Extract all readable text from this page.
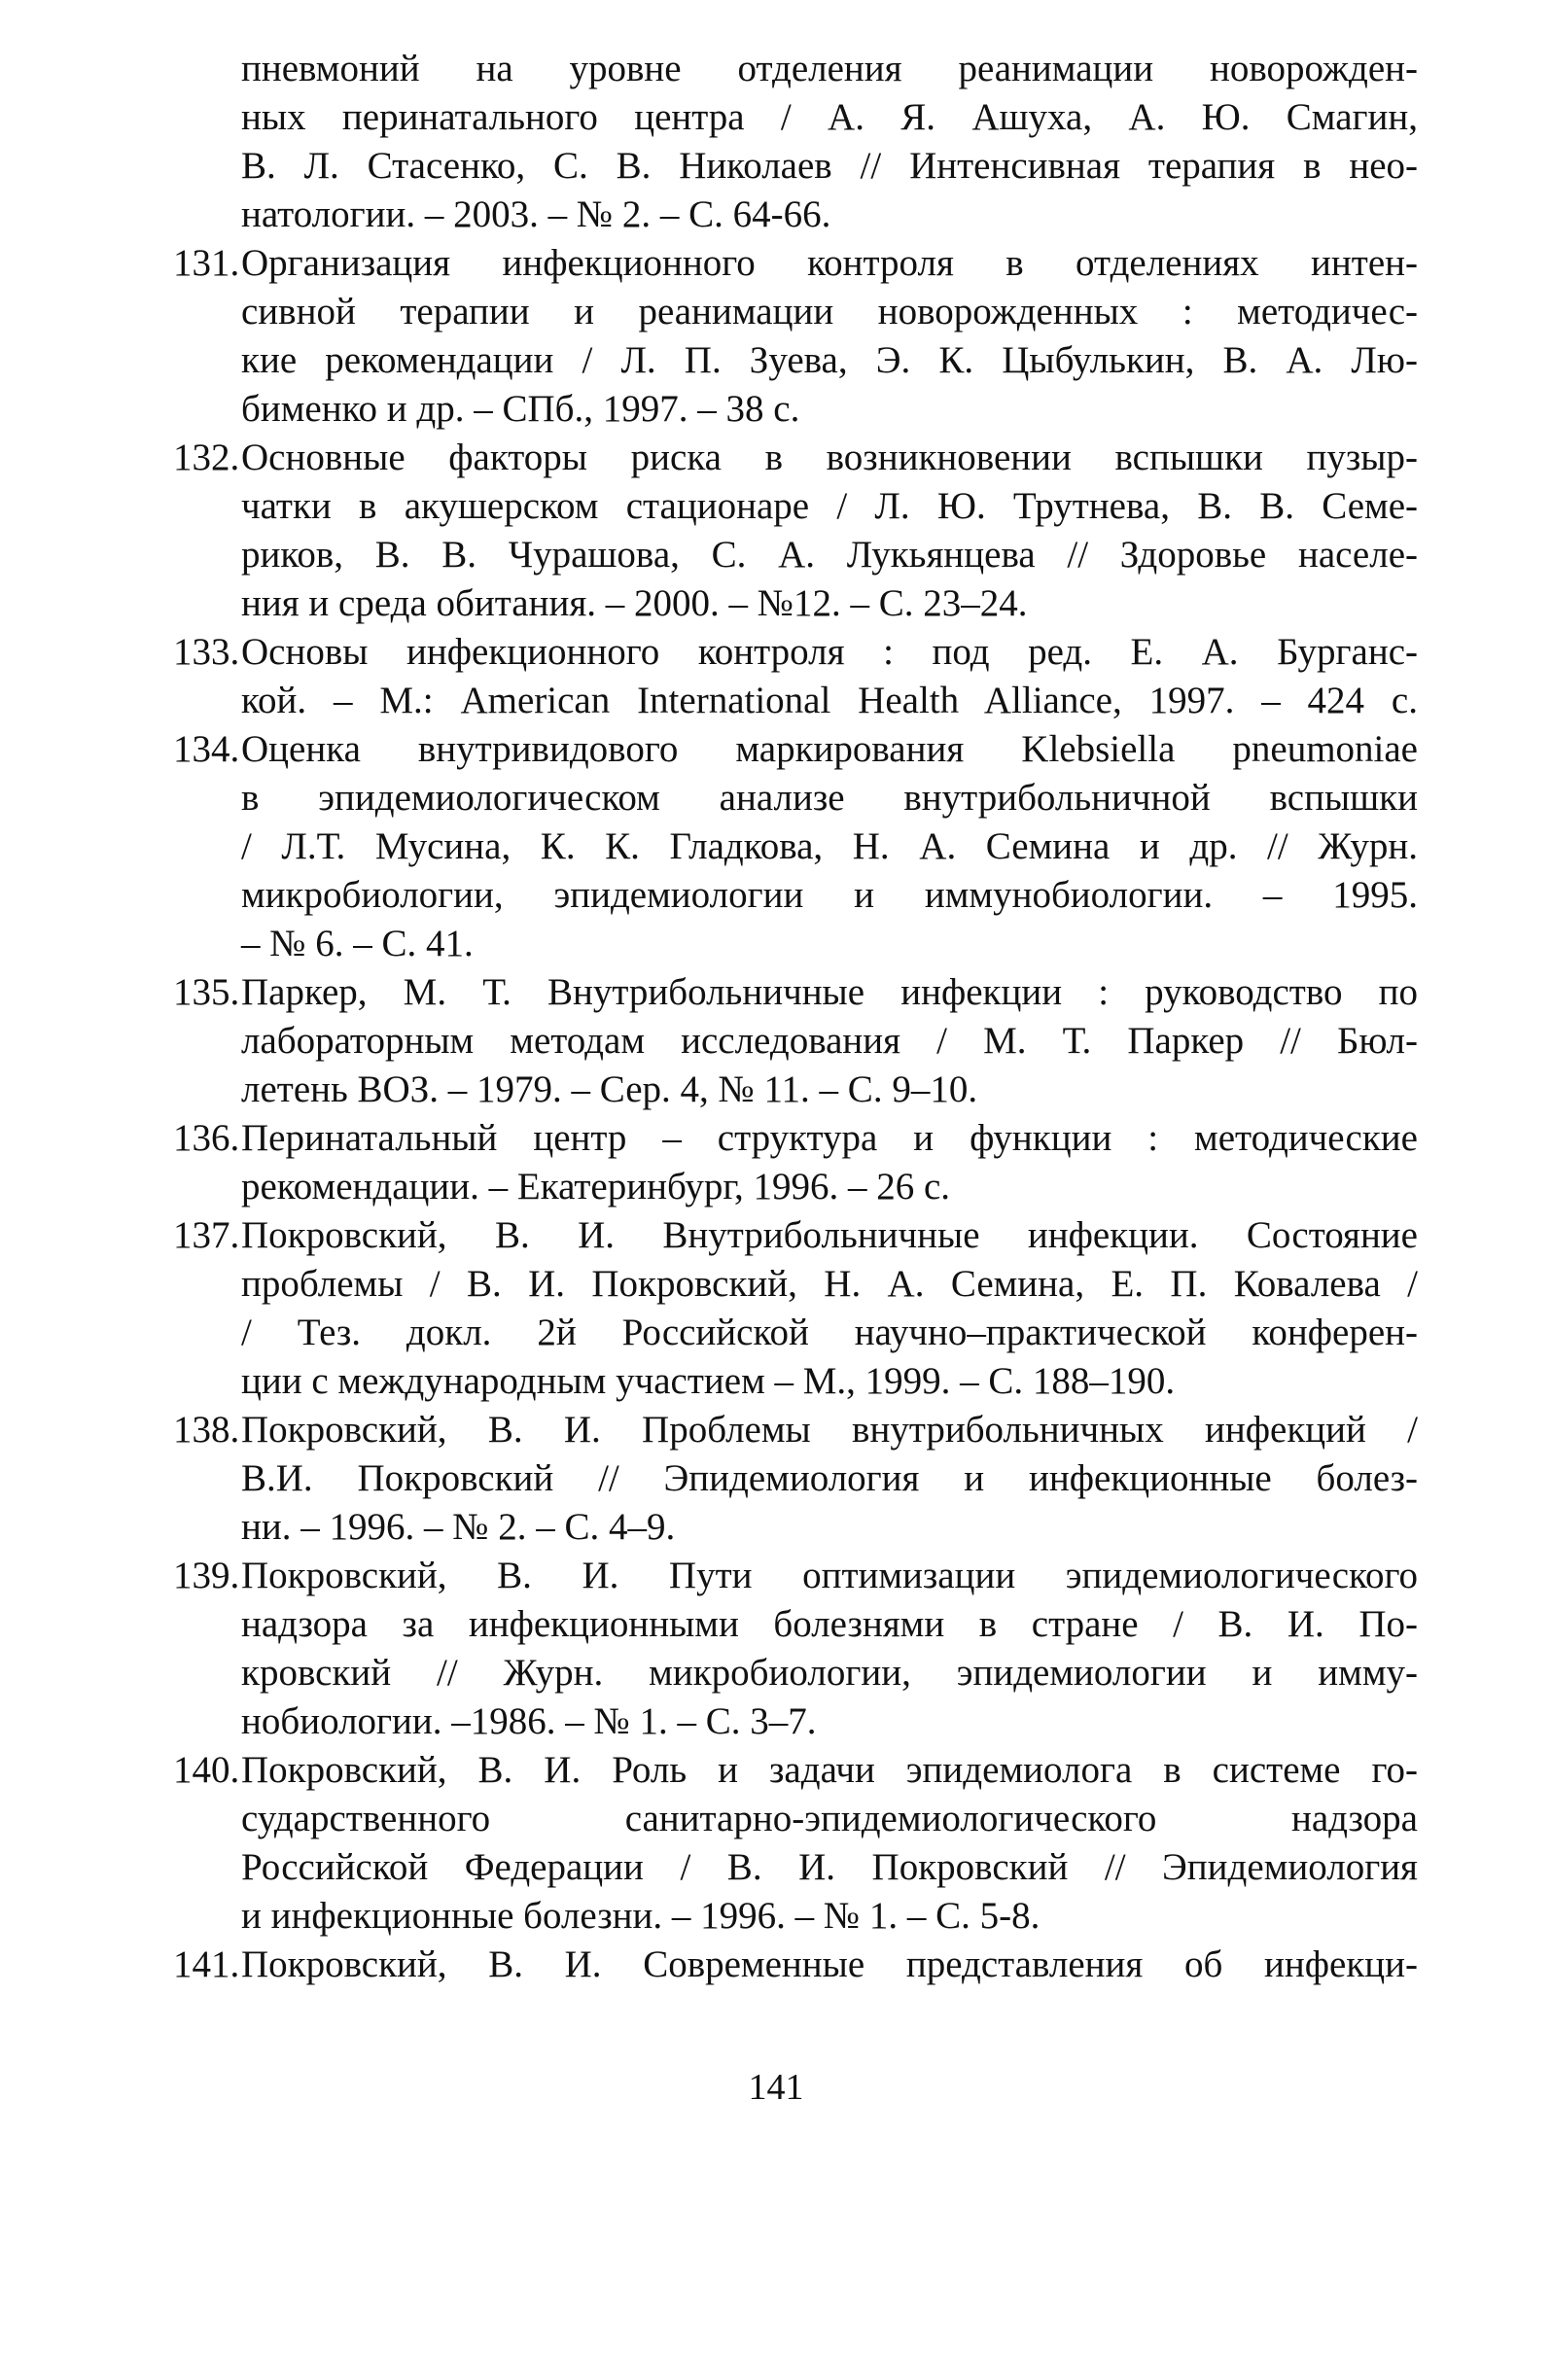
пневмоний на уровне отделения реанимации новорожден-
ных перинатального центра / А. Я. Ашуха, А. Ю. Смагин,
В. Л. Стасенко, С. В. Николаев // Интенсивная терапия в нео-
натологии. – 2003. – № 2. – С. 64-66.
131. Организация инфекционного контроля в отделениях интен-
сивной терапии и реанимации новорожденных : методичес-
кие рекомендации / Л. П. Зуева, Э. К. Цыбулькин, В. А. Лю-
бименко и др. – СПб., 1997. – 38 с.
132. Основные факторы риска в возникновении вспышки пузыр-
чатки в акушерском стационаре / Л. Ю. Трутнева, В. В. Семе-
риков, В. В. Чурашова, С. А. Лукьянцева // Здоровье населе-
ния и среда обитания. – 2000. – №12. – С. 23–24.
133. Основы инфекционного контроля : под ред. Е. А. Бурганс-
кой. – М.: American International Health Alliance, 1997. – 424 с.
134. Оценка внутривидового маркирования Klebsiella pneumoniae
в эпидемиологическом анализе внутрибольничной вспышки
/ Л.Т. Мусина, К. К. Гладкова, Н. А. Семина и др. // Журн.
микробиологии, эпидемиологии и иммунобиологии. – 1995.
– № 6. – С. 41.
135. Паркер, М. Т. Внутрибольничные инфекции : руководство по
лабораторным методам исследования / М. Т. Паркер // Бюл-
летень ВОЗ. – 1979. – Сер. 4, № 11. – С. 9–10.
136. Перинатальный центр – структура и функции : методические
рекомендации. – Екатеринбург, 1996. – 26 с.
137. Покровский, В. И. Внутрибольничные инфекции. Состояние
проблемы / В. И. Покровский, Н. А. Семина, Е. П. Ковалева /
/ Тез. докл. 2й Российской научно–практической конферен-
ции с международным участием – М., 1999. – С. 188–190.
138. Покровский, В. И. Проблемы внутрибольничных инфекций /
В.И. Покровский // Эпидемиология и инфекционные болез-
ни. – 1996. – № 2. – С. 4–9.
139. Покровский, В. И. Пути оптимизации эпидемиологического
надзора за инфекционными болезнями в стране / В. И. По-
кровский // Журн. микробиологии, эпидемиологии и имму-
нобиологии. –1986. – № 1. – С. 3–7.
140. Покровский, В. И. Роль и задачи эпидемиолога в системе го-
сударственного санитарно-эпидемиологического надзора
Российской Федерации / В. И. Покровский // Эпидемиология
и инфекционные болезни. – 1996. – № 1. – С. 5-8.
141. Покровский, В. И. Современные представления об инфекци-
141
